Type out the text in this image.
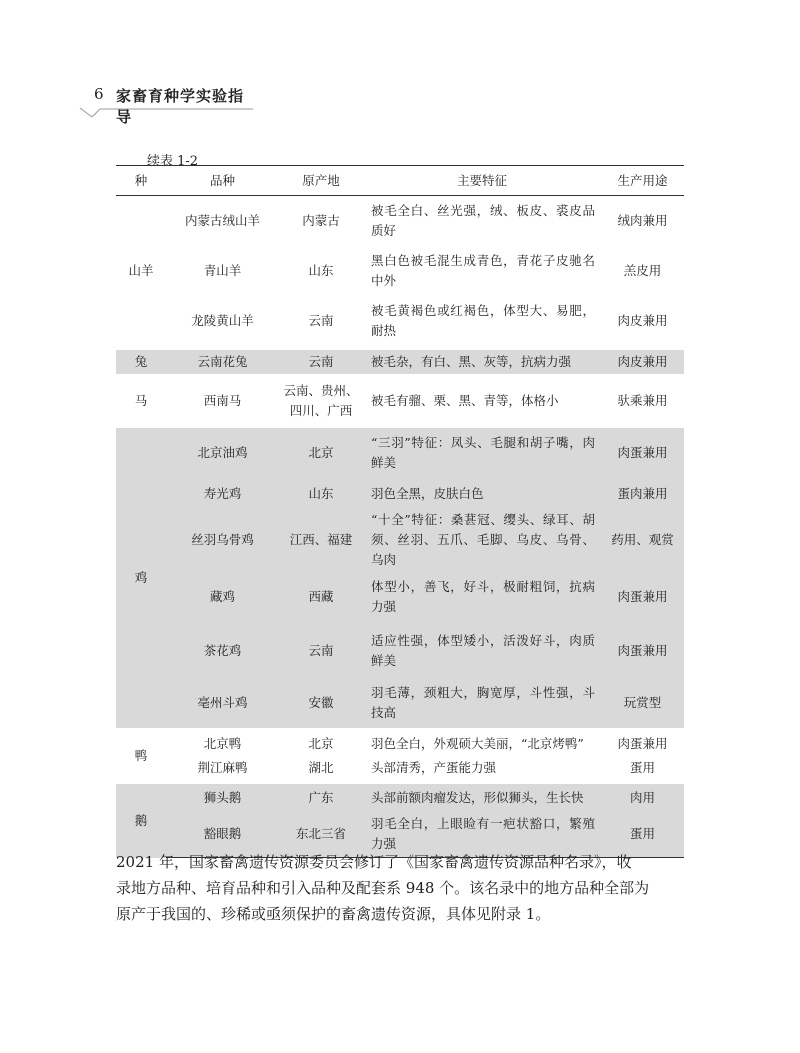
6 家畜育种学实验指导
续表 1-2
种	品种	原产地	主要特征	生产用途
山羊	内蒙古绒山羊	内蒙古	被毛全白、丝光强，绒、板皮、裘皮品质好	绒肉兼用
	青山羊	山东	黑白色被毛混生成青色，青花子皮驰名中外	羔皮用
	龙陵黄山羊	云南	被毛黄褐色或红褐色，体型大、易肥，耐热	肉皮兼用

兔	云南花兔	云南	被毛杂，有白、黑、灰等，抗病力强	肉皮兼用

马	西南马	云南、贵州、四川、广西	被毛有骝、栗、黑、青等，体格小	驮乘兼用

鸡	北京油鸡	北京	“三羽”特征：凤头、毛腿和胡子嘴，肉鲜美	肉蛋兼用
	寿光鸡	山东	羽色全黑，皮肤白色	蛋肉兼用
	丝羽乌骨鸡	江西、福建	“十全”特征：桑葚冠、缨头、绿耳、胡须、丝羽、五爪、毛脚、乌皮、乌骨、乌肉	药用、观赏
	藏鸡	西藏	体型小，善飞，好斗，极耐粗饲，抗病力强	肉蛋兼用
	茶花鸡	云南	适应性强，体型矮小，活泼好斗，肉质鲜美	肉蛋兼用
	亳州斗鸡	安徽	羽毛薄，颈粗大，胸宽厚，斗性强，斗技高	玩赏型

鸭	北京鸭	北京	羽色全白，外观硕大美丽，“北京烤鸭”	肉蛋兼用
	荆江麻鸭	湖北	头部清秀，产蛋能力强	蛋用

鹅	狮头鹅	广东	头部前额肉瘤发达，形似狮头，生长快	肉用
	豁眼鹅	东北三省	羽毛全白，上眼睑有一疤状豁口，繁殖力强	蛋用
2021 年，国家畜禽遗传资源委员会修订了《国家畜禽遗传资源品种名录》，收
录地方品种、培育品种和引入品种及配套系 948 个。该名录中的地方品种全部为
原产于我国的、珍稀或亟须保护的畜禽遗传资源，具体见附录 1。
